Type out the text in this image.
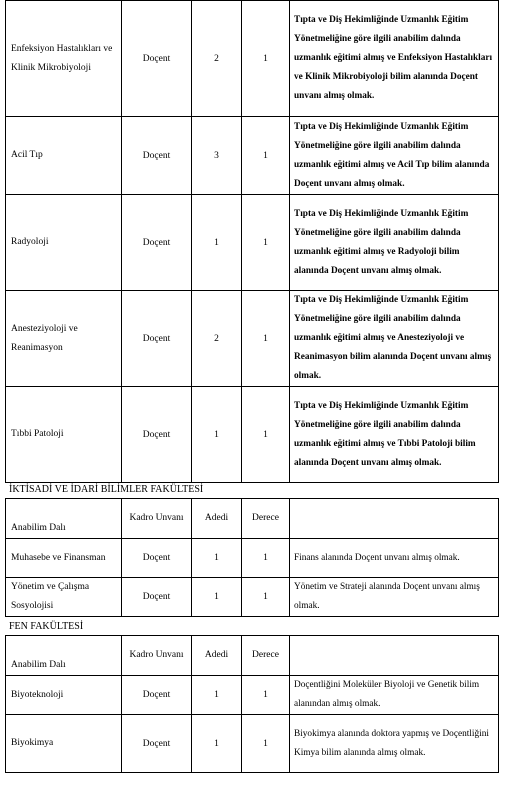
Enfeksiyon Hastalıkları ve Klinik Mikrobiyoloji	Doçent	2	1	Tıpta ve Diş Hekimliğinde Uzmanlık Eğitim Yönetmeliğine göre ilgili anabilim dalında uzmanlık eğitimi almış ve Enfeksiyon Hastalıkları ve Klinik Mikrobiyoloji bilim alanında Doçent unvanı almış olmak.
Acil Tıp	Doçent	3	1	Tıpta ve Diş Hekimliğinde Uzmanlık Eğitim Yönetmeliğine göre ilgili anabilim dalında uzmanlık eğitimi almış ve Acil Tıp bilim alanında Doçent unvanı almış olmak.
Radyoloji	Doçent	1	1	Tıpta ve Diş Hekimliğinde Uzmanlık Eğitim Yönetmeliğine göre ilgili anabilim dalında uzmanlık eğitimi almış ve Radyoloji bilim alanında Doçent unvanı almış olmak.
Anesteziyoloji ve Reanimasyon	Doçent	2	1	Tıpta ve Diş Hekimliğinde Uzmanlık Eğitim Yönetmeliğine göre ilgili anabilim dalında uzmanlık eğitimi almış ve Anesteziyoloji ve Reanimasyon bilim alanında Doçent unvanı almış olmak.
Tıbbi Patoloji	Doçent	1	1	Tıpta ve Diş Hekimliğinde Uzmanlık Eğitim Yönetmeliğine göre ilgili anabilim dalında uzmanlık eğitimi almış ve Tıbbi Patoloji bilim alanında Doçent unvanı almış olmak.
İKTİSADİ VE İDARİ BİLİMLER FAKÜLTESİ
Anabilim Dalı	Kadro Unvanı	Adedi	Derece	
Muhasebe ve Finansman	Doçent	1	1	Finans alanında Doçent unvanı almış olmak.
Yönetim ve Çalışma Sosyolojisi	Doçent	1	1	Yönetim ve Strateji alanında Doçent unvanı almış olmak.
FEN FAKÜLTESİ
Anabilim Dalı	Kadro Unvanı	Adedi	Derece	
Biyoteknoloji	Doçent	1	1	Doçentliğini Moleküler Biyoloji ve Genetik bilim alanından almış olmak.
Biyokimya	Doçent	1	1	Biyokimya alanında doktora yapmış ve Doçentliğini Kimya bilim alanında almış olmak.
